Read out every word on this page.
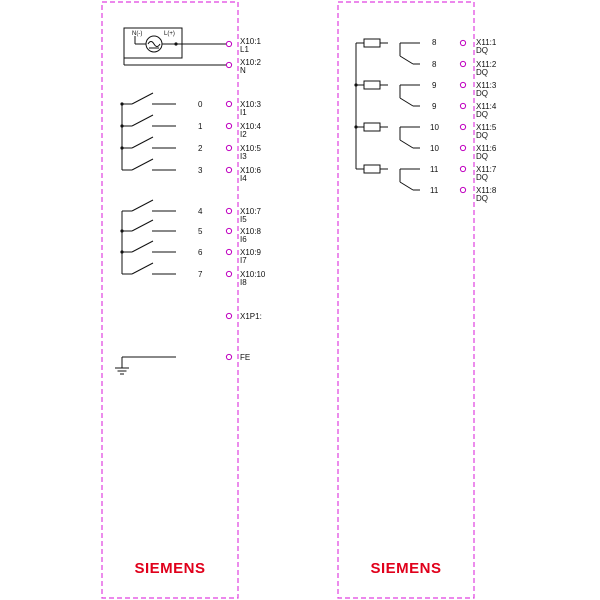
N(-)	L(+)
X10:1
L1
X10:2
N
0	X10:3
I1
1	X10:4
I2
2	X10:5
I3
3	X10:6
I4
4	X10:7
I5
5	X10:8
I6
6	X10:9
I7
7	X10:10
I8
X1P1:
FE
SIEMENS
8	X11:1
DQ
8	X11:2
DQ
9	X11:3
DQ
9	X11:4
DQ
10	X11:5
DQ
10	X11:6
DQ
11	X11:7
DQ
11	X11:8
DQ
SIEMENS
